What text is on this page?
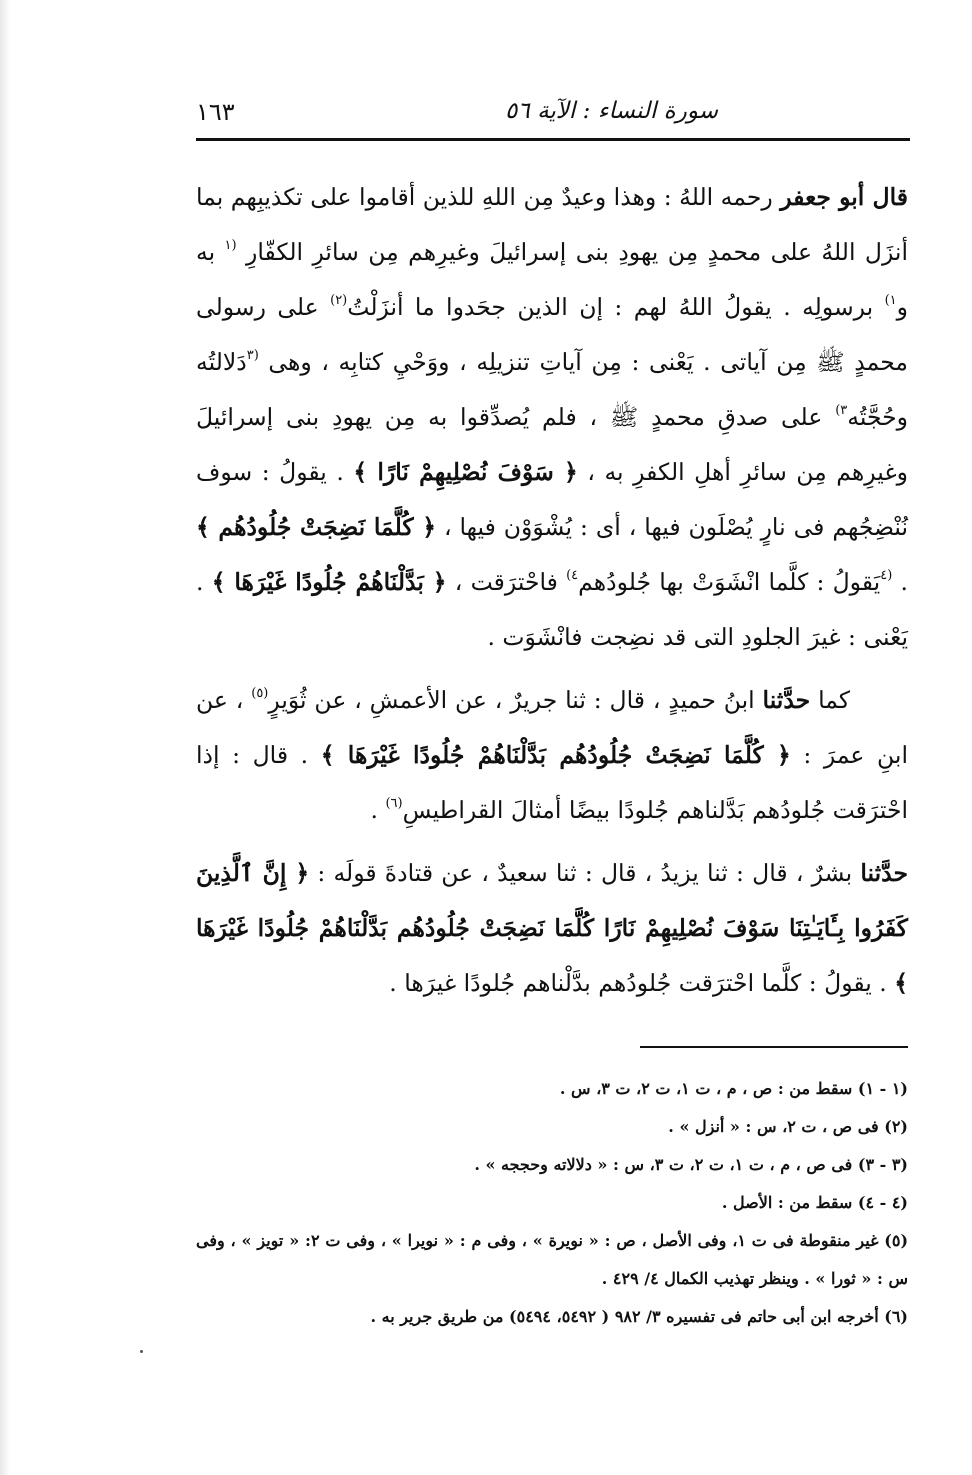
سورة النساء : الآية ٥٦
١٦٣

قال أبو جعفر رحمه اللهُ : وهذا وعيدٌ مِن اللهِ للذين أقاموا على تكذيبِهم بما أنزَل اللهُ على محمدٍ مِن يهودِ بنى إسرائيلَ وغيرِهم مِن سائرِ الكفّارِ $^{(١}$ به و$^{١)}$ برسولِه . يقولُ اللهُ لهم : إن الذين جحَدوا ما أنزَلْتُ$^{(٢)}$ على رسولى محمدٍ ﷺ مِن آياتى . يَعْنى : مِن آياتِ تنزيلِه ، ووَحْيِ كتابِه ، وهى $^{(٣}$دَلالتُه وحُجَّتُه$^{٣)}$ على صدقِ محمدٍ ﷺ ، فلم يُصدِّقوا به مِن يهودِ بنى إسرائيلَ وغيرِهم مِن سائرِ أهلِ الكفرِ به ، ﴿ سَوْفَ نُصْلِيهِمْ نَارًا ﴾ . يقولُ : سوف نُنْضِجُهم فى نارٍ يُصْلَون فيها ، أى : يُشْوَوْن فيها ، ﴿ كُلَّمَا نَضِجَتْ جُلُودُهُم ﴾ . $^{(٤}$يَقولُ : كلَّما انْشَوَتْ بها جُلودُهم$^{٤)}$ فاحْترَقت ، ﴿ بَدَّلْنَاهُمْ جُلُودًا غَيْرَهَا ﴾ . يَعْنى : غيرَ الجلودِ التى قد نضِجت فانْشَوَت .

كما حدَّثنا ابنُ حميدٍ ، قال : ثنا جريرٌ ، عن الأعمشِ ، عن ثُوَيرٍ$^{(٥)}$ ، عن ابنِ عمرَ : ﴿ كُلَّمَا نَضِجَتْ جُلُودُهُم بَدَّلْنَاهُمْ جُلُودًا غَيْرَهَا ﴾ . قال : إذا احْترَقت جُلودُهم بَدَّلناهم جُلودًا بيضًا أمثالَ القراطيسِ$^{(٦)}$ .

حدَّثنا بشرٌ ، قال : ثنا يزيدُ ، قال : ثنا سعيدٌ ، عن قتادةَ قولَه : ﴿ إِنَّ ٱلَّذِينَ كَفَرُوا بِـَٔايَـٰتِنَا سَوْفَ نُصْلِيهِمْ نَارًا كُلَّمَا نَضِجَتْ جُلُودُهُم بَدَّلْنَاهُمْ جُلُودًا غَيْرَهَا ﴾ . يقولُ : كلَّما احْترَقت جُلودُهم بدَّلْناهم جُلودًا غيرَها .

(١ - ١) سقط من : ص ، م ، ت ١، ت ٢، ت ٣، س .

(٢) فى ص ، ت ٢، س : « أنزل » .

(٣ - ٣) فى ص ، م ، ت ١، ت ٢، ت ٣، س : « دلالاته وحججه » .

(٤ - ٤) سقط من : الأصل .

(٥) غير منقوطة فى ت ١، وفى الأصل ، ص : « نويرة » ، وفى م : « نويرا » ، وفى ت ٢: « تويز » ، وفى س : « ثورا » . وينظر تهذيب الكمال ٤/ ٤٢٩ .

(٦) أخرجه ابن أبى حاتم فى تفسيره ٣/ ٩٨٢ ( ٥٤٩٢، ٥٤٩٤) من طريق جرير به .
